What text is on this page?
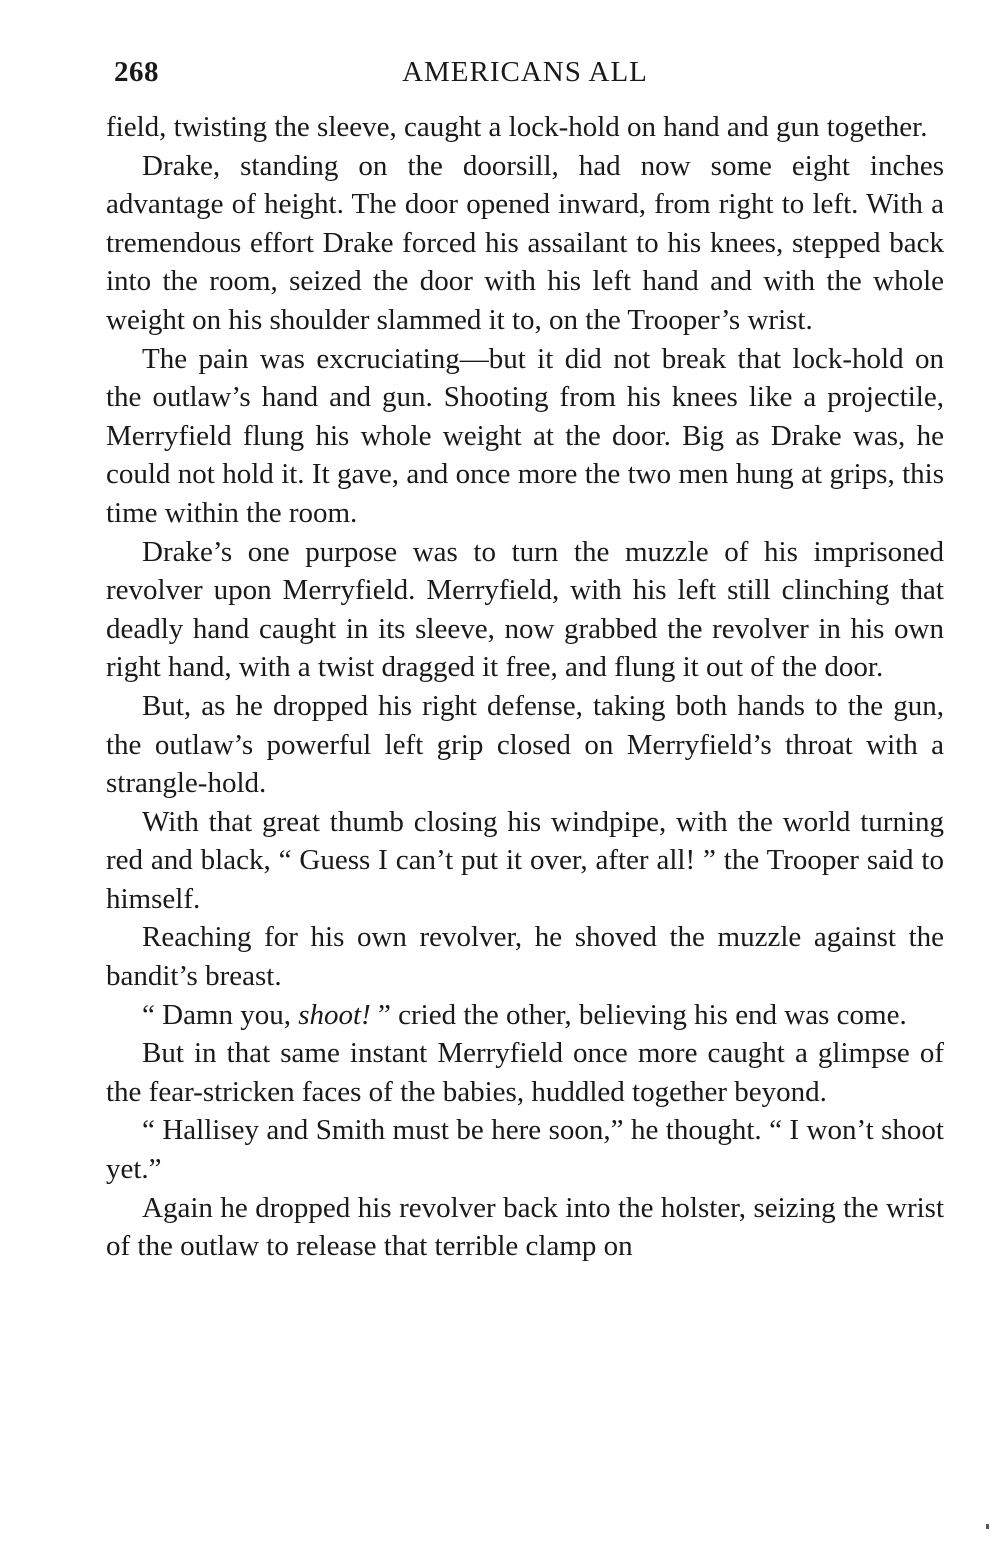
268	AMERICANS ALL

field, twisting the sleeve, caught a lock-hold on hand and gun together.

Drake, standing on the doorsill, had now some eight inches advantage of height. The door opened inward, from right to left. With a tremendous effort Drake forced his assailant to his knees, stepped back into the room, seized the door with his left hand and with the whole weight on his shoulder slammed it to, on the Trooper’s wrist.

The pain was excruciating—but it did not break that lock-hold on the outlaw’s hand and gun. Shooting from his knees like a projectile, Merryfield flung his whole weight at the door. Big as Drake was, he could not hold it. It gave, and once more the two men hung at grips, this time within the room.

Drake’s one purpose was to turn the muzzle of his imprisoned revolver upon Merryfield. Merryfield, with his left still clinching that deadly hand caught in its sleeve, now grabbed the revolver in his own right hand, with a twist dragged it free, and flung it out of the door.

But, as he dropped his right defense, taking both hands to the gun, the outlaw’s powerful left grip closed on Merryfield’s throat with a strangle-hold.

With that great thumb closing his windpipe, with the world turning red and black, “ Guess I can’t put it over, after all! ” the Trooper said to himself.

Reaching for his own revolver, he shoved the muzzle against the bandit’s breast.

“ Damn you, shoot! ” cried the other, believing his end was come.

But in that same instant Merryfield once more caught a glimpse of the fear-stricken faces of the babies, huddled together beyond.

“ Hallisey and Smith must be here soon,” he thought. “ I won’t shoot yet.”

Again he dropped his revolver back into the holster, seizing the wrist of the outlaw to release that terrible clamp on
